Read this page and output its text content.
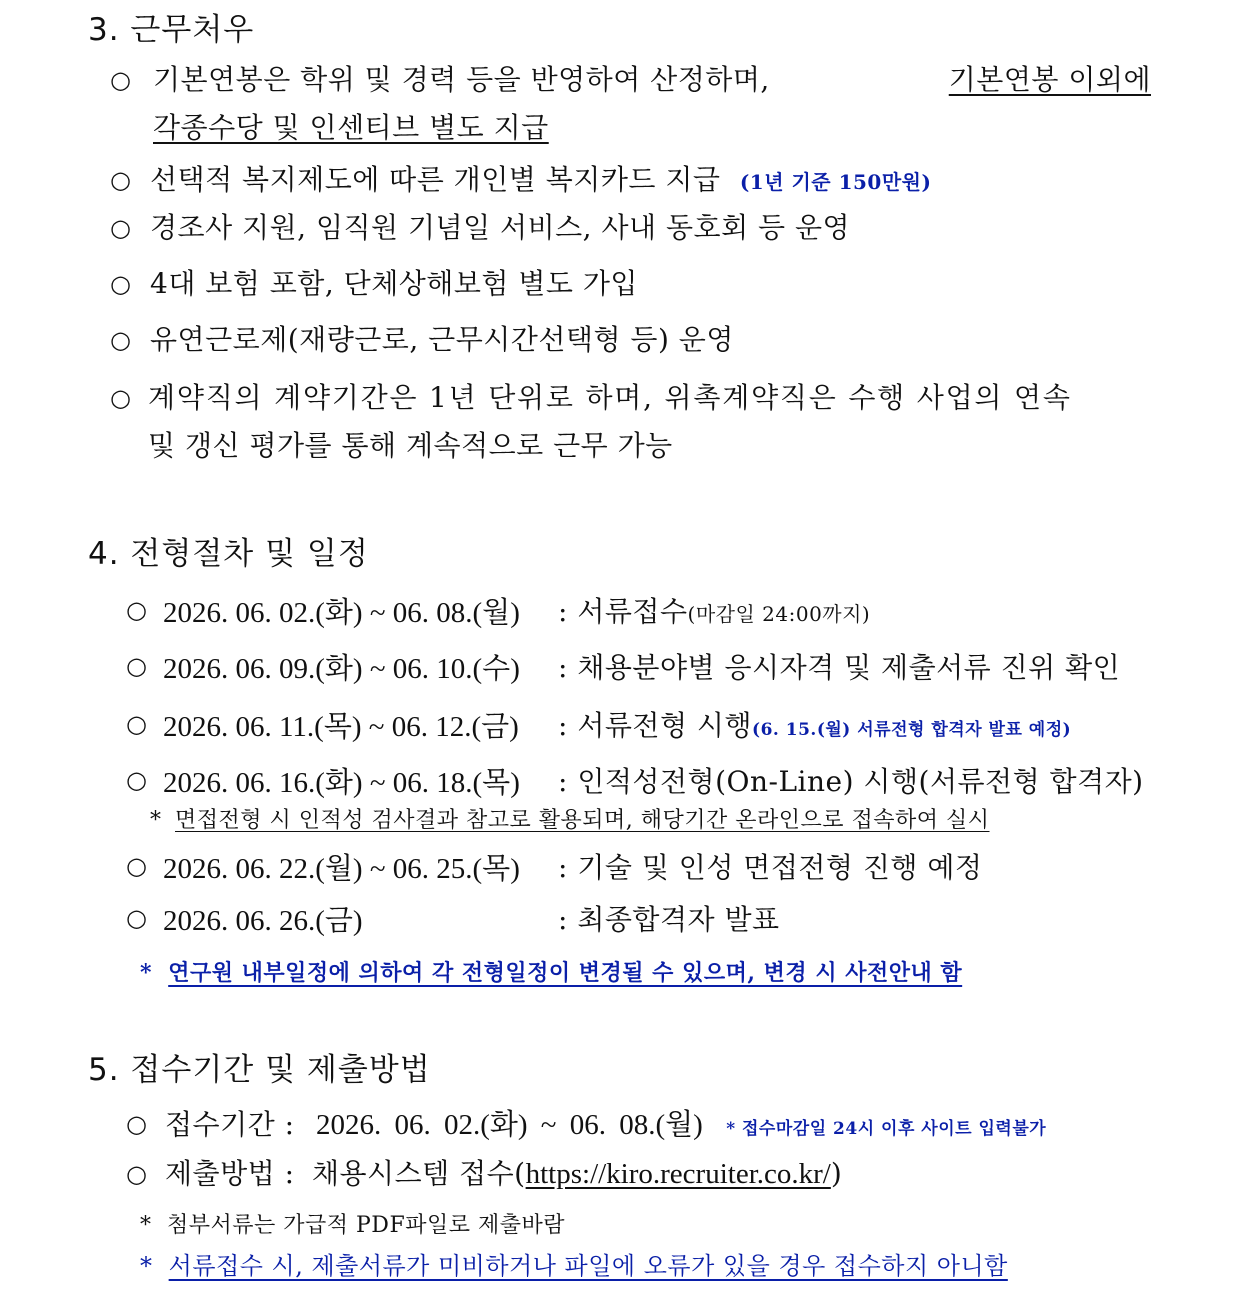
3. 근무처우
○ 기본연봉은 학위 및 경력 등을 반영하여 산정하며,	기본연봉 이외에
각종수당 및 인센티브 별도 지급
○ 선택적 복지제도에 따른 개인별 복지카드 지급 (1년 기준 150만원)
○ 경조사 지원, 임직원 기념일 서비스, 사내 동호회 등 운영
○ 4대 보험 포함, 단체상해보험 별도 가입
○ 유연근로제(재량근로, 근무시간선택형 등) 운영
○ 계약직의 계약기간은 1년 단위로 하며, 위촉계약직은 수행 사업의 연속
및 갱신 평가를 통해 계속적으로 근무 가능
4. 전형절차 및 일정
○ 2026. 06. 02.(화) ~ 06. 08.(월) : 서류접수(마감일 24:00까지)
○ 2026. 06. 09.(화) ~ 06. 10.(수) : 채용분야별 응시자격 및 제출서류 진위 확인
○ 2026. 06. 11.(목) ~ 06. 12.(금) : 서류전형 시행(6. 15.(월) 서류전형 합격자 발표 예정)
○ 2026. 06. 16.(화) ~ 06. 18.(목) : 인적성전형(On-Line) 시행(서류전형 합격자)
* 면접전형 시 인적성 검사결과 참고로 활용되며, 해당기간 온라인으로 접속하여 실시
○ 2026. 06. 22.(월) ~ 06. 25.(목) : 기술 및 인성 면접전형 진행 예정
○ 2026. 06. 26.(금)	: 최종합격자 발표
* 연구원 내부일정에 의하여 각 전형일정이 변경될 수 있으며, 변경 시 사전안내 함
5. 접수기간 및 제출방법
○ 접수기간 : 2026. 06. 02.(화) ~ 06. 08.(월) * 접수마감일 24시 이후 사이트 입력불가
○ 제출방법 : 채용시스템 접수(https://kiro.recruiter.co.kr/)
* 첨부서류는 가급적 PDF파일로 제출바람
* 서류접수 시, 제출서류가 미비하거나 파일에 오류가 있을 경우 접수하지 아니함
